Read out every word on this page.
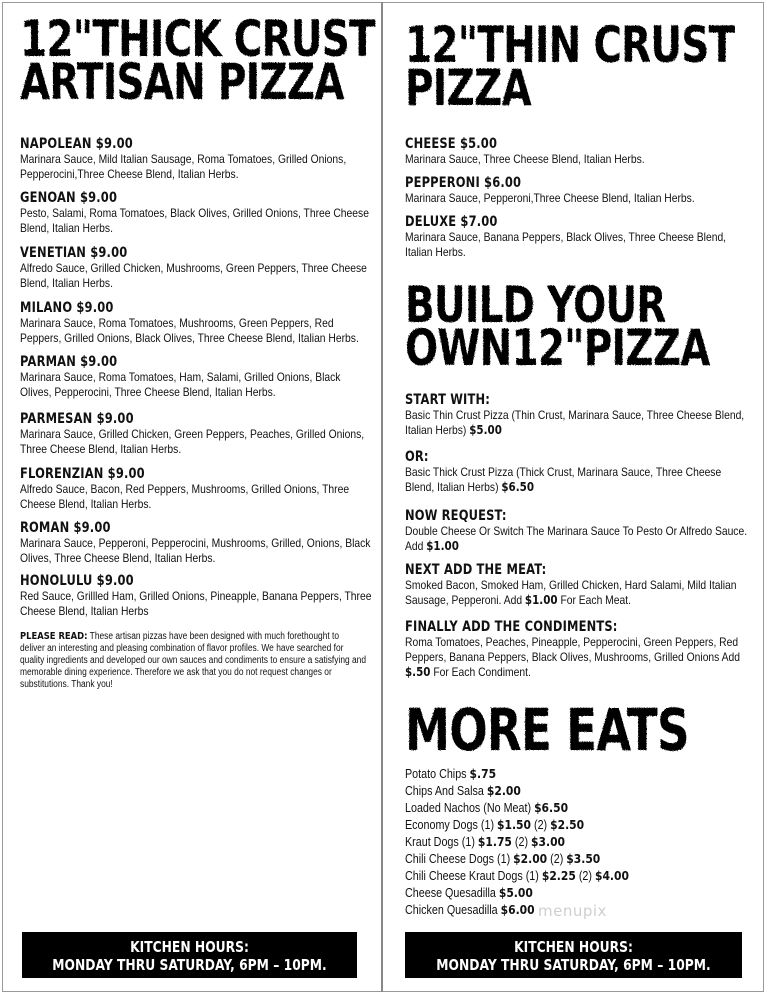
12"THICK CRUST
ARTISAN PIZZA
NAPOLEAN $9.00
Marinara Sauce, Mild Italian Sausage, Roma Tomatoes, Grilled Onions, Pepperocini,Three Cheese Blend, Italian Herbs.
GENOAN $9.00
Pesto, Salami, Roma Tomatoes, Black Olives, Grilled Onions, Three Cheese Blend, Italian Herbs.
VENETIAN $9.00
Alfredo Sauce, Grilled Chicken, Mushrooms, Green Peppers, Three Cheese Blend, Italian Herbs.
MILANO $9.00
Marinara Sauce, Roma Tomatoes, Mushrooms, Green Peppers, Red Peppers, Grilled Onions, Black Olives, Three Cheese Blend, Italian Herbs.
PARMAN $9.00
Marinara Sauce, Roma Tomatoes, Ham, Salami, Grilled Onions, Black Olives, Pepperocini, Three Cheese Blend, Italian Herbs.
PARMESAN $9.00
Marinara Sauce, Grilled Chicken, Green Peppers, Peaches, Grilled Onions, Three Cheese Blend, Italian Herbs.
FLORENZIAN $9.00
Alfredo Sauce, Bacon, Red Peppers, Mushrooms, Grilled Onions, Three Cheese Blend, Italian Herbs.
ROMAN $9.00
Marinara Sauce, Pepperoni, Pepperocini, Mushrooms, Grilled, Onions, Black Olives, Three Cheese Blend, Italian Herbs.
HONOLULU $9.00
Red Sauce, Grillled Ham, Grilled Onions, Pineapple, Banana Peppers, Three Cheese Blend, Italian Herbs
PLEASE READ: These artisan pizzas have been designed with much forethought to deliver an interesting and pleasing combination of flavor profiles. We have searched for quality ingredients and developed our own sauces and condiments to ensure a satisfying and memorable dining experience. Therefore we ask that you do not request changes or substitutions. Thank you!
12"THIN CRUST
PIZZA
CHEESE $5.00
Marinara Sauce, Three Cheese Blend, Italian Herbs.
PEPPERONI $6.00
Marinara Sauce, Pepperoni,Three Cheese Blend, Italian Herbs.
DELUXE $7.00
Marinara Sauce, Banana Peppers, Black Olives, Three Cheese Blend, Italian Herbs.
BUILD YOUR
OWN12"PIZZA
START WITH:
Basic Thin Crust Pizza (Thin Crust, Marinara Sauce, Three Cheese Blend, Italian Herbs) $5.00
OR:
Basic Thick Crust Pizza (Thick Crust, Marinara Sauce, Three Cheese Blend, Italian Herbs) $6.50
NOW REQUEST:
Double Cheese Or Switch The Marinara Sauce To Pesto Or Alfredo Sauce. Add $1.00
NEXT ADD THE MEAT:
Smoked Bacon, Smoked Ham, Grilled Chicken, Hard Salami, Mild Italian Sausage, Pepperoni. Add $1.00 For Each Meat.
FINALLY ADD THE CONDIMENTS:
Roma Tomatoes, Peaches, Pineapple, Pepperocini, Green Peppers, Red Peppers, Banana Peppers, Black Olives, Mushrooms, Grilled Onions Add $.50 For Each Condiment.
MORE EATS
Potato Chips $.75
Chips And Salsa $2.00
Loaded Nachos (No Meat) $6.50
Economy Dogs (1) $1.50 (2) $2.50
Kraut Dogs (1) $1.75 (2) $3.00
Chili Cheese Dogs (1) $2.00 (2) $3.50
Chili Cheese Kraut Dogs (1) $2.25 (2) $4.00
Cheese Quesadilla $5.00
Chicken Quesadilla $6.00
KITCHEN HOURS:
MONDAY THRU SATURDAY, 6PM – 10PM.
KITCHEN HOURS:
MONDAY THRU SATURDAY, 6PM – 10PM.
menupix
